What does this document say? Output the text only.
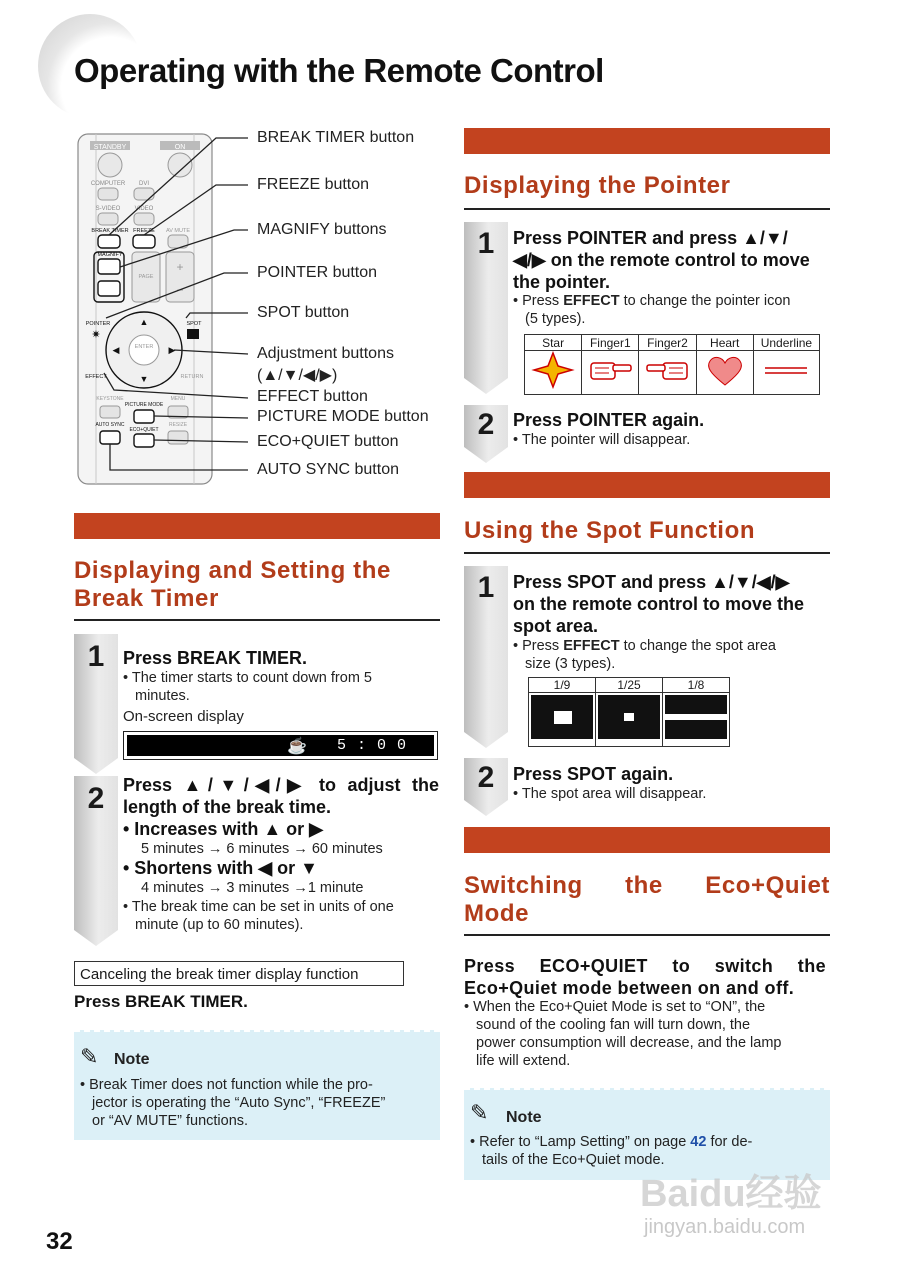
Operating with the Remote Control
STANDBY	ON
COMPUTER DVI
S-VIDEO VIDEO
BREAK TIMER FREEZE AV MUTE
MAGNIFY
PAGE
+
−
POINTER	SPOT
✷
ENTER
▲
▼
◀	▶
EFFECT	RETURN
KEYSTONE	MENU
PICTURE MODE
AUTO SYNC
ECO+QUIET
RESIZE
BREAK TIMER button
FREEZE button
MAGNIFY buttons
POINTER button
SPOT button
Adjustment buttons
(▲/▼/◀/▶)
EFFECT button
PICTURE MODE button
ECO+QUIET button
AUTO SYNC button
Displaying and Setting the
Break Timer
1	Press BREAK TIMER.
• The timer starts to count down from 5
minutes.
On-screen display
☕ 5 : 0 0
2	Press ▲/▼/◀/▶ to adjust the
length of the break time.
• Increases with ▲ or ▶
5 minutes → 6 minutes → 60 minutes
• Shortens with ◀ or ▼
4 minutes → 3 minutes →1 minute
• The break time can be set in units of one
minute (up to 60 minutes).
Canceling the break timer display function
Press BREAK TIMER.
✎ Note
• Break Timer does not function while the pro-
jector is operating the “Auto Sync”, “FREEZE”
or “AV MUTE” functions.
Displaying the Pointer
1	Press POINTER and press ▲/▼/
◀/▶ on the remote control to move
the pointer.
• Press EFFECT to change the pointer icon
(5 types).
Star	Finger1	Finger2	Heart	Underline

2	Press POINTER again.
• The pointer will disappear.
Using the Spot Function
1	Press SPOT and press ▲/▼/◀/▶
on the remote control to move the
spot area.
• Press EFFECT to change the spot area
size (3 types).
1/9	1/25	1/8

2	Press SPOT again.
• The spot area will disappear.
Switching the Eco+Quiet
Mode
Press ECO+QUIET to switch the
Eco+Quiet mode between on and off.
• When the Eco+Quiet Mode is set to “ON”, the
sound of the cooling fan will turn down, the
power consumption will decrease, and the lamp
life will extend.
✎ Note
• Refer to “Lamp Setting” on page 42 for de-
tails of the Eco+Quiet mode.
Baidu经验
jingyan.baidu.com
32
